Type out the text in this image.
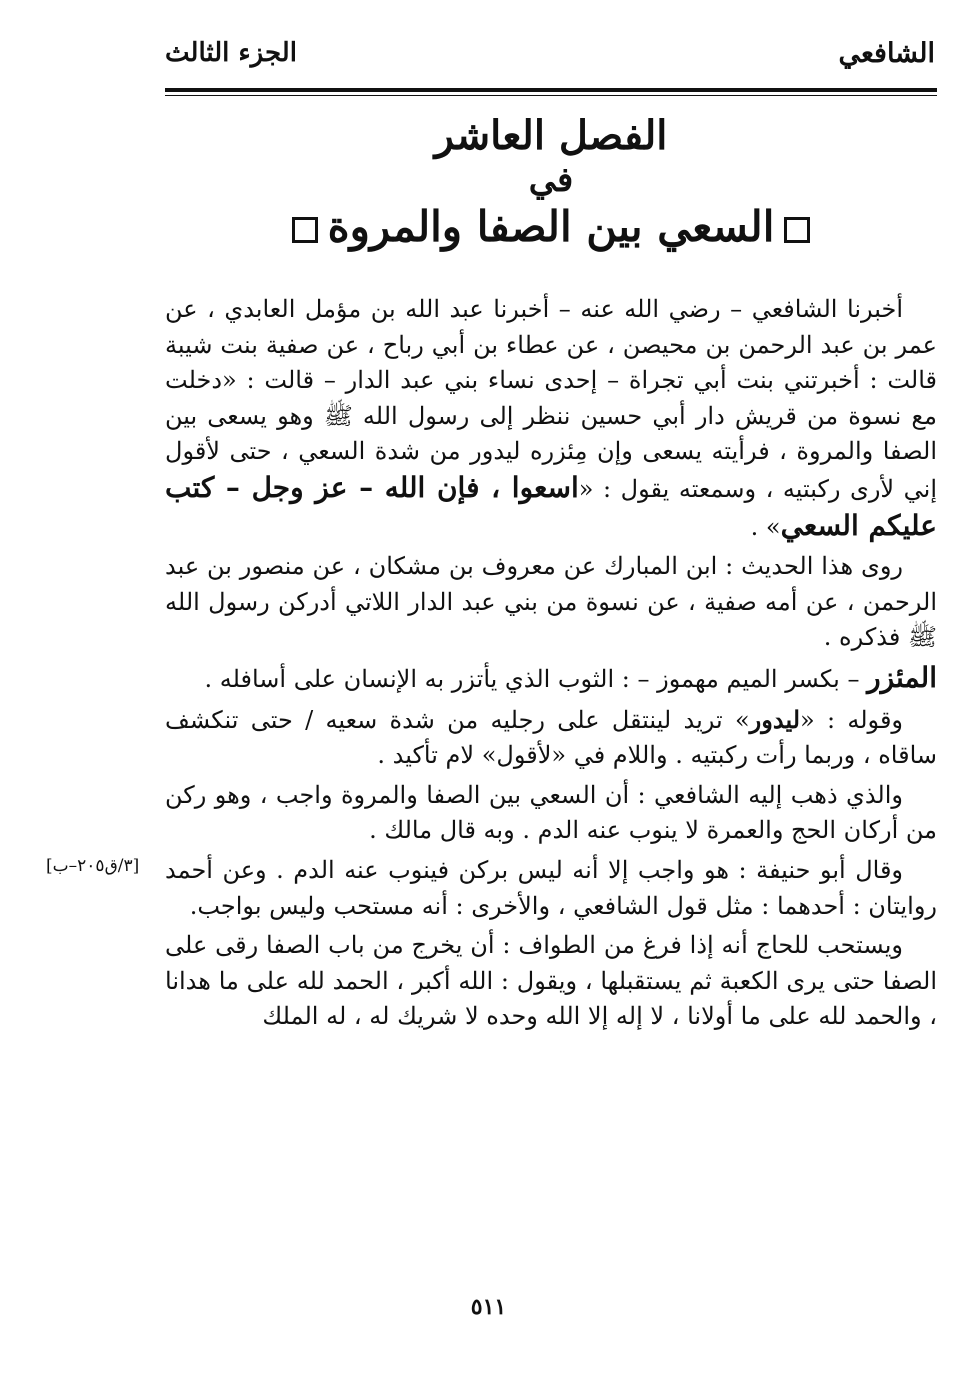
الشافعي
الجزء الثالث
الفصل العاشر
في
السعي بين الصفا والمروة

أخبرنا الشافعي – رضي الله عنه – أخبرنا عبد الله بن مؤمل العابدي ، عن عمر بن عبد الرحمن بن محيصن ، عن عطاء بن أبي رباح ، عن صفية بنت شيبة قالت : أخبرتني بنت أبي تجراة – إحدى نساء بني عبد الدار – قالت : «دخلت مع نسوة من قريش دار أبي حسين ننظر إلى رسول الله ﷺ وهو يسعى بين الصفا والمروة ، فرأيته يسعى وإن مِئزره ليدور من شدة السعي ، حتى لأقول إني لأرى ركبتيه ، وسمعته يقول : «اسعوا ، فإن الله – عز وجل – كتب عليكم السعي» .

روى هذا الحديث : ابن المبارك عن معروف بن مشكان ، عن منصور بن عبد الرحمن ، عن أمه صفية ، عن نسوة من بني عبد الدار اللاتي أدركن رسول الله ﷺ فذكره .

المئزر – بكسر الميم مهموز – : الثوب الذي يأتزر به الإنسان على أسافله .

وقوله : «ليدور» تريد لينتقل على رجليه من شدة سعيه / حتى تنكشف ساقاه ، وربما رأت ركبتيه . واللام في «لأقول» لام تأكيد .

والذي ذهب إليه الشافعي : أن السعي بين الصفا والمروة واجب ، وهو ركن من أركان الحج والعمرة لا ينوب عنه الدم . وبه قال مالك .

وقال أبو حنيفة : هو واجب إلا أنه ليس بركن فينوب عنه الدم . وعن أحمد روايتان : أحدهما : مثل قول الشافعي ، والأخرى : أنه مستحب وليس بواجب.

ويستحب للحاج أنه إذا فرغ من الطواف : أن يخرج من باب الصفا رقى على الصفا حتى يرى الكعبة ثم يستقبلها ، ويقول : الله أكبر ، الحمد لله على ما هدانا ، والحمد لله على ما أولانا ، لا إله إلا الله وحده لا شريك له ، له الملك

[٣/ق٢٠٥–ب]
٥١١
